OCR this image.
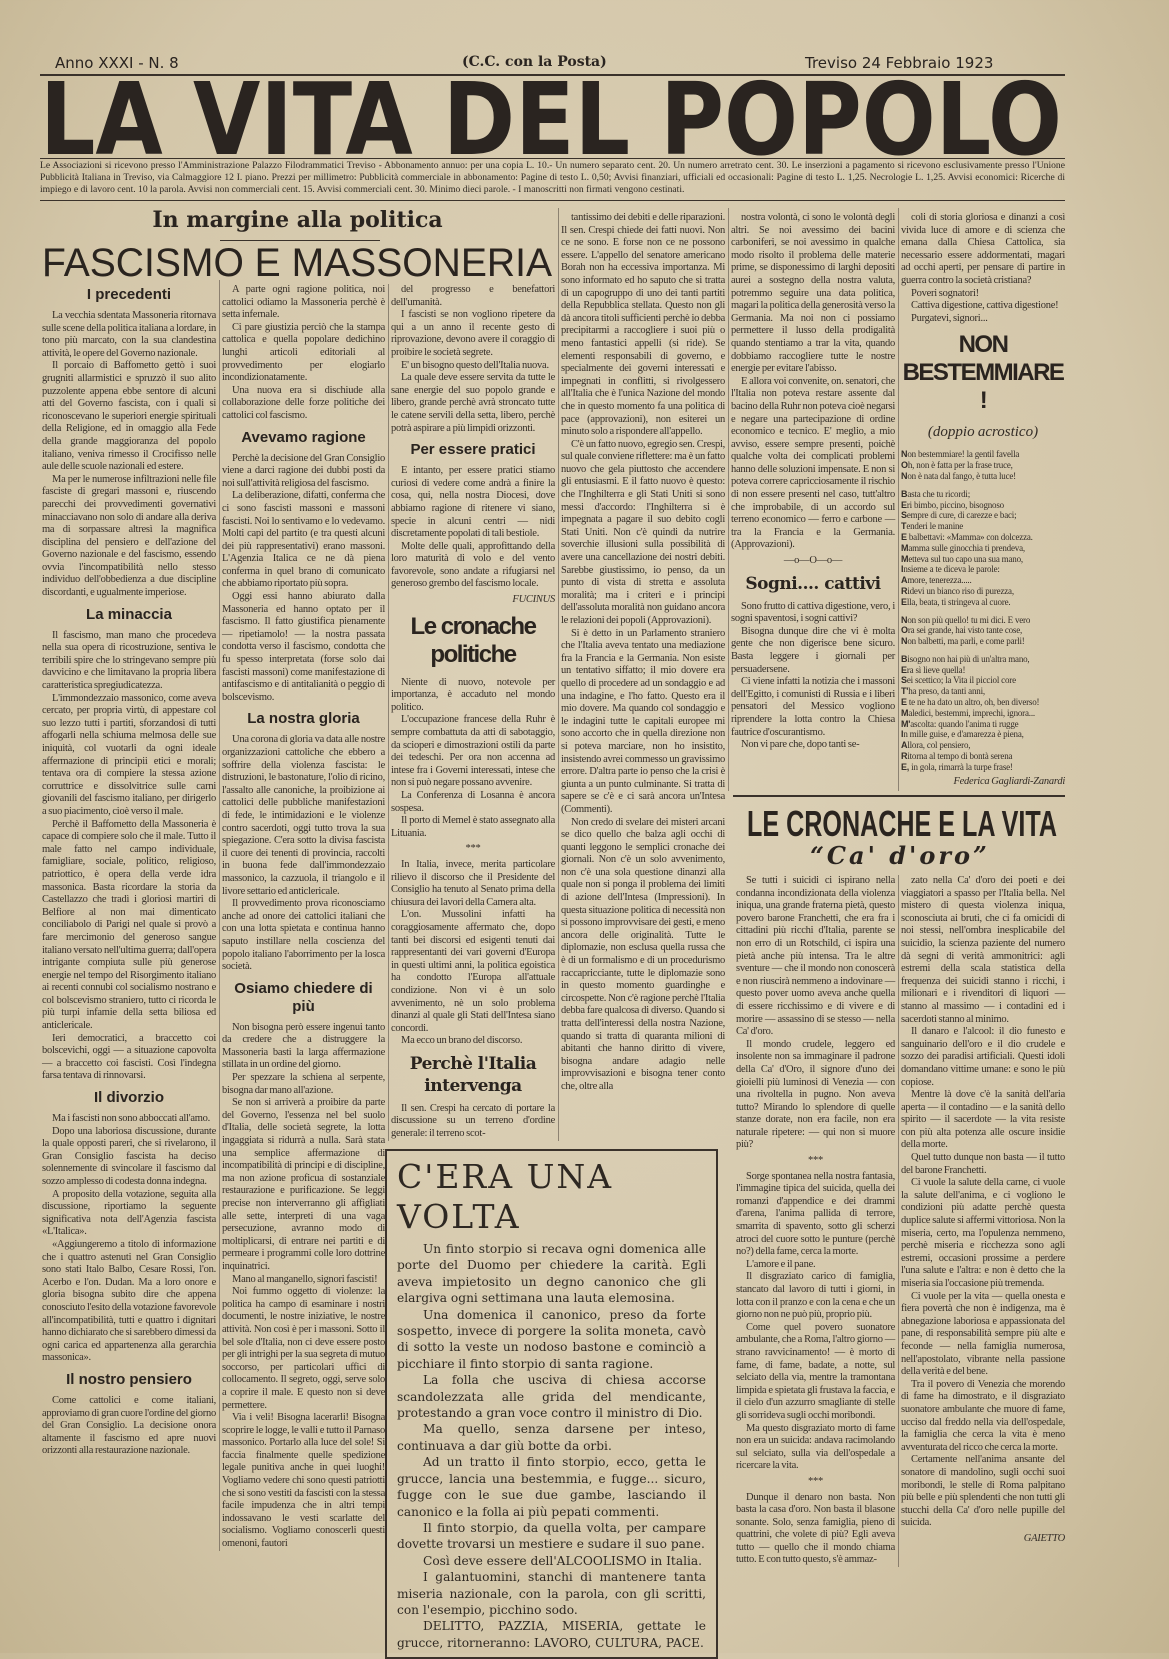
Anno XXXI - N. 8	(C.C. con la Posta)	Treviso 24 Febbraio 1923
LA VITA DEL POPOLO
Le Associazioni si ricevono presso l'Amministrazione Palazzo Filodrammatici Treviso - Abbonamento annuo: per una copia L. 10.- Un numero separato cent. 20. Un numero arretrato cent. 30. Le inserzioni a pagamento si ricevono esclusivamente presso l'Unione Pubblicità Italiana in Treviso, via Calmaggiore 12 I. piano. Prezzi per millimetro: Pubblicità commerciale in abbonamento: Pagine di testo L. 0,50; Avvisi finanziari, ufficiali ed occasionali: Pagine di testo L. 1,25. Necrologie L. 1,25. Avvisi economici: Ricerche di impiego e di lavoro cent. 10 la parola. Avvisi non commerciali cent. 15. Avvisi commerciali cent. 30. Minimo dieci parole. - I manoscritti non firmati vengono cestinati.
In margine alla politica
FASCISMO E MASSONERIA
I precedenti

La vecchia sdentata Massoneria ritornava sulle scene della politica italiana a lordare, in tono più marcato, con la sua clandestina attività, le opere del Governo nazionale.

Il porcaio di Baffometto gettò i suoi grugniti allarmistici e spruzzò il suo alito puzzolente appena ebbe sentore di alcuni atti del Governo fascista, con i quali si riconoscevano le superiori energie spirituali della Religione, ed in omaggio alla Fede della grande maggioranza del popolo italiano, veniva rimesso il Crocifisso nelle aule delle scuole nazionali ed estere.

Ma per le numerose infiltrazioni nelle file fasciste di gregari massoni e, riuscendo parecchi dei provvedimenti governativi minacciavano non solo di andare alla deriva ma di sorpassare altresì la magnifica disciplina del pensiero e dell'azione del Governo nazionale e del fascismo, essendo ovvia l'incompatibilità nello stesso individuo dell'obbedienza a due discipline discordanti, e ugualmente imperiose.

La minaccia

Il fascismo, man mano che procedeva nella sua opera di ricostruzione, sentiva le terribili spire che lo stringevano sempre più davvicino e che limitavano la propria libera caratteristica spregiudicatezza.

L'immondezzaio massonico, come aveva cercato, per propria virtù, di appestare col suo lezzo tutti i partiti, sforzandosi di tutti affogarli nella schiuma melmosa delle sue iniquità, col vuotarli da ogni ideale affermazione di principii etici e morali; tentava ora di compiere la stessa azione corruttrice e dissolvitrice sulle carni giovanili del fascismo italiano, per dirigerlo a suo piacimento, cioè verso il male.

Perchè il Baffometto della Massoneria è capace di compiere solo che il male. Tutto il male fatto nel campo individuale, famigliare, sociale, politico, religioso, patriottico, è opera della verde idra massonica. Basta ricordare la storia da Castellazzo che tradì i gloriosi martiri di Belfiore al non mai dimenticato conciliabolo di Parigi nel quale si provò a fare mercimonio del generoso sangue italiano versato nell'ultima guerra; dall'opera intrigante compiuta sulle più generose energie nel tempo del Risorgimento italiano ai recenti connubi col socialismo nostrano e col bolscevismo straniero, tutto ci ricorda le più turpi infamie della setta biliosa ed anticlericale.

Ieri democratici, a braccetto coi bolscevichi, oggi — a situazione capovolta — a braccetto coi fascisti. Così l'indegna farsa tentava di rinnovarsi.

Il divorzio

Ma i fascisti non sono abboccati all'amo.

Dopo una laboriosa discussione, durante la quale opposti pareri, che si rivelarono, il Gran Consiglio fascista ha deciso solennemente di svincolare il fascismo dal sozzo amplesso di codesta donna indegna.

A proposito della votazione, seguita alla discussione, riportiamo la seguente significativa nota dell'Agenzia fascista «L'Italica».

«Aggiungeremo a titolo di informazione che i quattro astenuti nel Gran Consiglio sono stati Italo Balbo, Cesare Rossi, l'on. Acerbo e l'on. Dudan. Ma a loro onore e gloria bisogna subito dire che appena conosciuto l'esito della votazione favorevole all'incompatibilità, tutti e quattro i dignitari hanno dichiarato che si sarebbero dimessi da ogni carica ed appartenenza alla gerarchia massonica».

Il nostro pensiero

Come cattolici e come italiani, approviamo di gran cuore l'ordine del giorno del Gran Consiglio. La decisione onora altamente il fascismo ed apre nuovi orizzonti alla restaurazione nazionale.

A parte ogni ragione politica, noi cattolici odiamo la Massoneria perchè è setta infernale.

Ci pare giustizia perciò che la stampa cattolica e quella popolare dedichino lunghi articoli editoriali al provvedimento per elogiarlo incondizionatamente.

Una nuova era si dischiude alla collaborazione delle forze politiche dei cattolici col fascismo.

Avevamo ragione

Perchè la decisione del Gran Consiglio viene a darci ragione dei dubbi posti da noi sull'attività religiosa del fascismo.

La deliberazione, difatti, conferma che ci sono fascisti massoni e massoni fascisti. Noi lo sentivamo e lo vedevamo. Molti capi del partito (e tra questi alcuni dei più rappresentativi) erano massoni. L'Agenzia Italica ce ne dà piena conferma in quel brano di comunicato che abbiamo riportato più sopra.

Oggi essi hanno abiurato dalla Massoneria ed hanno optato per il fascismo. Il fatto giustifica pienamente — ripetiamolo! — la nostra passata condotta verso il fascismo, condotta che fu spesso interpretata (forse solo dai fascisti massoni) come manifestazione di antifascismo e di antitalianità o peggio di bolscevismo.

La nostra gloria

Una corona di gloria va data alle nostre organizzazioni cattoliche che ebbero a soffrire della violenza fascista: le distruzioni, le bastonature, l'olio di ricino, l'assalto alle canoniche, la proibizione ai cattolici delle pubbliche manifestazioni di fede, le intimidazioni e le violenze contro sacerdoti, oggi tutto trova la sua spiegazione. C'era sotto la divisa fascista il cuore dei tenenti di provincia, raccolti in buona fede dall'immondezzaio massonico, la cazzuola, il triangolo e il livore settario ed anticlericale.

Il provvedimento prova riconosciamo anche ad onore dei cattolici italiani che con una lotta spietata e continua hanno saputo instillare nella coscienza del popolo italiano l'aborrimento per la losca società.

Osiamo chiedere di più

Non bisogna però essere ingenui tanto da credere che a distruggere la Massoneria basti la larga affermazione stillata in un ordine del giorno.

Per spezzare la schiena al serpente, bisogna dar mano all'azione.

Se non si arriverà a proibire da parte del Governo, l'essenza nel bel suolo d'Italia, delle società segrete, la lotta ingaggiata si ridurrà a nulla. Sarà stata una semplice affermazione di incompatibilità di principi e di discipline, ma non azione proficua di sostanziale restaurazione e purificazione. Se leggi precise non interverranno gli affigliati alle sette, interpreti di una vaga persecuzione, avranno modo di moltiplicarsi, di entrare nei partiti e di permeare i programmi colle loro dottrine inquinatrici.

Mano al manganello, signori fascisti!

Noi fummo oggetto di violenze: la politica ha campo di esaminare i nostri documenti, le nostre iniziative, le nostre attività. Non così è per i massoni. Sotto il bel sole d'Italia, non ci deve essere posto per gli intrighi per la sua segreta di mutuo soccorso, per particolari uffici di collocamento. Il segreto, oggi, serve solo a coprire il male. E questo non si deve permettere.

Via i veli! Bisogna lacerarli! Bisogna scoprire le logge, le valli e tutto il Parnaso massonico. Portarlo alla luce del sole! Si faccia finalmente quelle spedizione legale punitiva anche in quei luoghi! Vogliamo vedere chi sono questi patriotti che si sono vestiti da fascisti con la stessa facile impudenza che in altri tempi indossavano le vesti scarlatte del socialismo. Vogliamo conoscerli questi omenoni, fautori

del progresso e benefattori dell'umanità.

I fascisti se non vogliono ripetere da qui a un anno il recente gesto di riprovazione, devono avere il coraggio di proibire le società segrete.

E' un bisogno questo dell'Italia nuova.

La quale deve essere servita da tutte le sane energie del suo popolo grande e libero, grande perchè avrà stroncato tutte le catene servili della setta, libero, perchè potrà aspirare a più limpidi orizzonti.

Per essere pratici

E intanto, per essere pratici stiamo curiosi di vedere come andrà a finire la cosa, qui, nella nostra Diocesi, dove abbiamo ragione di ritenere vi siano, specie in alcuni centri — nidi discretamente popolati di tali bestiole.

Molte delle quali, approfittando della loro maturità di volo e del vento favorevole, sono andate a rifugiarsi nel generoso grembo del fascismo locale.

FUCINUS
Le cronache politiche

Niente di nuovo, notevole per importanza, è accaduto nel mondo politico.

L'occupazione francese della Ruhr è sempre combattuta da atti di sabotaggio, da scioperi e dimostrazioni ostili da parte dei tedeschi. Per ora non accenna ad intese fra i Governi interessati, intese che non si può negare possano avvenire.

La Conferenza di Losanna è ancora sospesa.

Il porto di Memel è stato assegnato alla Lituania.

***

In Italia, invece, merita particolare rilievo il discorso che il Presidente del Consiglio ha tenuto al Senato prima della chiusura dei lavori della Camera alta.

L'on. Mussolini infatti ha coraggiosamente affermato che, dopo tanti bei discorsi ed esigenti tenuti dai rappresentanti dei vari governi d'Europa in questi ultimi anni, la politica egoistica ha condotto l'Europa all'attuale condizione. Non vi è un solo avvenimento, nè un solo problema dinanzi al quale gli Stati dell'Intesa siano concordi.

Ma ecco un brano del discorso.

Perchè l'Italia intervenga

Il sen. Crespi ha cercato di portare la discussione su un terreno d'ordine generale: il terreno scot-

tantissimo dei debiti e delle riparazioni. Il sen. Crespi chiede dei fatti nuovi. Non ce ne sono. E forse non ce ne possono essere. L'appello del senatore americano Borah non ha eccessiva importanza. Mi sono informato ed ho saputo che si tratta di un capogruppo di uno dei tanti partiti della Repubblica stellata. Questo non gli dà ancora titoli sufficienti perchè io debba precipitarmi a raccogliere i suoi più o meno fantastici appelli (si ride). Se elementi responsabili di governo, e specialmente dei governi interessati e impegnati in conflitti, si rivolgessero all'Italia che è l'unica Nazione del mondo che in questo momento fa una politica di pace (approvazioni), non esiterei un minuto solo a rispondere all'appello.

C'è un fatto nuovo, egregio sen. Crespi, sul quale conviene riflettere: ma è un fatto nuovo che gela piuttosto che accendere gli entusiasmi. E il fatto nuovo è questo: che l'Inghilterra e gli Stati Uniti si sono messi d'accordo: l'Inghilterra si è impegnata a pagare il suo debito cogli Stati Uniti. Non c'è quindi da nutrire soverchie illusioni sulla possibilità di avere una cancellazione dei nostri debiti. Sarebbe giustissimo, io penso, da un punto di vista di stretta e assoluta moralità; ma i criteri e i principi dell'assoluta moralità non guidano ancora le relazioni dei popoli (Approvazioni).

Si è detto in un Parlamento straniero che l'Italia aveva tentato una mediazione fra la Francia e la Germania. Non esiste un tentativo siffatto; il mio dovere era quello di procedere ad un sondaggio e ad una indagine, e l'ho fatto. Questo era il mio dovere. Ma quando col sondaggio e le indagini tutte le capitali europee mi sono accorto che in quella direzione non si poteva marciare, non ho insistito, insistendo avrei commesso un gravissimo errore. D'altra parte io penso che la crisi è giunta a un punto culminante. Si tratta di sapere se c'è e ci sarà ancora un'Intesa (Commenti).

Non credo di svelare dei misteri arcani se dico quello che balza agli occhi di quanti leggono le semplici cronache dei giornali. Non c'è un solo avvenimento, non c'è una sola questione dinanzi alla quale non si ponga il problema dei limiti di azione dell'Intesa (Impressioni). In questa situazione politica di necessità non si possono improvvisare dei gesti, e meno ancora delle originalità. Tutte le diplomazie, non esclusa quella russa che è di un formalismo e di un procedurismo raccapricciante, tutte le diplomazie sono in questo momento guardinghe e circospette. Non c'è ragione perchè l'Italia debba fare qualcosa di diverso. Quando si tratta dell'interessi della nostra Nazione, quando si tratta di quaranta milioni di abitanti che hanno diritto di vivere, bisogna andare adagio nelle improvvisazioni e bisogna tener conto che, oltre alla

nostra volontà, ci sono le volontà degli altri. Se noi avessimo dei bacini carboniferi, se noi avessimo in qualche modo risolto il problema delle materie prime, se disponessimo di larghi depositi aurei a sostegno della nostra valuta, potremmo seguire una data politica, magari la politica della generosità verso la Germania. Ma noi non ci possiamo permettere il lusso della prodigalità quando stentiamo a trar la vita, quando dobbiamo raccogliere tutte le nostre energie per evitare l'abisso.

E allora voi convenite, on. senatori, che l'Italia non poteva restare assente dal bacino della Ruhr non poteva cioè negarsi e negare una partecipazione di ordine economico e tecnico. E' meglio, a mio avviso, essere sempre presenti, poichè qualche volta dei complicati problemi hanno delle soluzioni impensate. E non si poteva correre capricciosamente il rischio di non essere presenti nel caso, tutt'altro che improbabile, di un accordo sul terreno economico — ferro e carbone — tra la Francia e la Germania. (Approvazioni).

—o—O—o—
Sogni.... cattivi

Sono frutto di cattiva digestione, vero, i sogni spaventosi, i sogni cattivi?

Bisogna dunque dire che vi è molta gente che non digerisce bene sicuro. Basta leggere i giornali per persuadersene.

Ci viene infatti la notizia che i massoni dell'Egitto, i comunisti di Russia e i liberi pensatori del Messico vogliono riprendere la lotta contro la Chiesa fautrice d'oscurantismo.

Non vi pare che, dopo tanti se-

coli di storia gloriosa e dinanzi a così vivida luce di amore e di scienza che emana dalla Chiesa Cattolica, sia necessario essere addormentati, magari ad occhi aperti, per pensare di partire in guerra contro la società cristiana?

Poveri sognatori!

Cattiva digestione, cattiva digestione!

Purgatevi, signori...

NON BESTEMMIARE !
(doppio acrostico)
Non bestemmiare! la gentil favella
Oh, non è fatta per la frase truce,
Non è nata dal fango, è tutta luce!
Basta che tu ricordi;
Eri bimbo, piccino, bisognoso
Sempre di cure, di carezze e baci;
Tenderi le manine
E balbettavi: «Mamma» con dolcezza.
Mamma sulle ginocchia ti prendeva,
Metteva sul tuo capo una sua mano,
Insieme a te diceva le parole:
Amore, tenerezza.....
Ridevi un bianco riso di purezza,
Ella, beata, ti stringeva al cuore.
Non son più quello! tu mi dici. E vero
Ora sei grande, hai visto tante cose,
Non balbetti, ma parli, e come parli!
Bisogno non hai più di un'altra mano,
Era sì lieve quella!
Sei scettico; la Vita il picciol core
T'ha preso, da tanti anni,
E te ne ha dato un altro, oh, ben diverso!
Maledici, bestemmi, imprechi, ignora...
M'ascolta: quando l'anima ti rugge
In mille guise, e d'amarezza è piena,
Allora, col pensiero,
Ritorna al tempo di bontà serena
E, in gola, rimarrà la turpe frase!
Federica Gagliardi-Zanardi

Se tutti i suicidi ci ispirano nella condanna incondizionata della violenza iniqua, una grande fraterna pietà, questo povero barone Franchetti, che era fra i cittadini più ricchi d'Italia, parente se non erro di un Rotschild, ci ispira una pietà anche più intensa. Tra le altre sventure — che il mondo non conoscerà e non riuscirà nemmeno a indovinare — questo pover uomo aveva anche quella di essere ricchissimo e di vivere e di morire — assassino di se stesso — nella Ca' d'oro.

Il mondo crudele, leggero ed insolente non sa immaginare il padrone della Ca' d'Oro, il signore d'uno dei gioielli più luminosi di Venezia — con una rivoltella in pugno. Non aveva tutto? Mirando lo splendore di quelle stanze dorate, non era facile, non era naturale ripetere: — qui non si muore più?

***

Sorge spontanea nella nostra fantasia, l'immagine tipica del suicida, quella dei romanzi d'appendice e dei drammi d'arena, l'anima pallida di terrore, smarrita di spavento, sotto gli scherzi atroci del cuore sotto le punture (perchè no?) della fame, cerca la morte.

L'amore e il pane.

Il disgraziato carico di famiglia, stancato dal lavoro di tutti i giorni, in lotta con il pranzo e con la cena e che un giorno non ne può più, proprio più.

Come quel povero suonatore ambulante, che a Roma, l'altro giorno — strano ravvicinamento! — è morto di fame, di fame, badate, a notte, sul selciato della via, mentre la tramontana limpida e spietata gli frustava la faccia, e il cielo d'un azzurro smagliante di stelle gli sorrideva sugli occhi moribondi.

Ma questo disgraziato morto di fame non era un suicida: andava racimolando sul selciato, sulla via dell'ospedale a ricercare la vita.

***

Dunque il denaro non basta. Non basta la casa d'oro. Non basta il blasone sonante. Solo, senza famiglia, pieno di quattrini, che volete di più? Egli aveva tutto — quello che il mondo chiama tutto. E con tutto questo, s'è ammaz-

zato nella Ca' d'oro dei poeti e dei viaggiatori a spasso per l'Italia bella. Nel mistero di questa violenza iniqua, sconosciuta ai bruti, che ci fa omicidi di noi stessi, nell'ombra inesplicabile del suicidio, la scienza paziente del numero dà segni di verità ammonitrici: agli estremi della scala statistica della frequenza dei suicidi stanno i ricchi, i milionari e i rivenditori di liquori — stanno al massimo — i contadini ed i sacerdoti stanno al minimo.

Il danaro e l'alcool: il dio funesto e sanguinario dell'oro e il dio crudele e sozzo dei paradisi artificiali. Questi idoli domandano vittime umane: e sono le più copiose.

Mentre là dove c'è la sanità dell'aria aperta — il contadino — e la sanità dello spirito — il sacerdote — la vita resiste con più alta potenza alle oscure insidie della morte.

Quel tutto dunque non basta — il tutto del barone Franchetti.

Ci vuole la salute della carne, ci vuole la salute dell'anima, e ci vogliono le condizioni più adatte perchè questa duplice salute si affermi vittoriosa. Non la miseria, certo, ma l'opulenza nemmeno, perchè miseria e ricchezza sono agli estremi, occasioni prossime a perdere l'una salute e l'altra: e non è detto che la miseria sia l'occasione più tremenda.

Ci vuole per la vita — quella onesta e fiera povertà che non è indigenza, ma è abnegazione laboriosa e appassionata del pane, di responsabilità sempre più alte e feconde — nella famiglia numerosa, nell'apostolato, vibrante nella passione della verità e del bene.

Tra il povero di Venezia che morendo di fame ha dimostrato, e il disgraziato suonatore ambulante che muore di fame, ucciso dal freddo nella via dell'ospedale, la famiglia che cerca la vita è meno avventurata del ricco che cerca la morte.

Certamente nell'anima ansante del sonatore di mandolino, sugli occhi suoi moribondi, le stelle di Roma palpitano più belle e più splendenti che non tutti gli stucchi della Ca' d'oro nelle pupille del suicida.

GAIETTO
LE CRONACHE E LA VITA
“Ca' d'oro”
C'ERA UNA VOLTA

Un finto storpio si recava ogni domenica alle porte del Duomo per chiedere la carità. Egli aveva impietosito un degno canonico che gli elargiva ogni settimana una lauta elemosina.

Una domenica il canonico, preso da forte sospetto, invece di porgere la solita moneta, cavò di sotto la veste un nodoso bastone e cominciò a picchiare il finto storpio di santa ragione.

La folla che usciva di chiesa accorse scandolezzata alle grida del mendicante, protestando a gran voce contro il ministro di Dio.

Ma quello, senza darsene per inteso, continuava a dar giù botte da orbi.

Ad un tratto il finto storpio, ecco, getta le grucce, lancia una bestemmia, e fugge... sicuro, fugge con le sue due gambe, lasciando il canonico e la folla ai più pepati commenti.

Il finto storpio, da quella volta, per campare dovette trovarsi un mestiere e sudare il suo pane.

Così deve essere dell'ALCOOLISMO in Italia.

I galantuomini, stanchi di mantenere tanta miseria nazionale, con la parola, con gli scritti, con l'esempio, picchino sodo.

DELITTO, PAZZIA, MISERIA, gettate le grucce, ritorneranno: LAVORO, CULTURA, PACE.
